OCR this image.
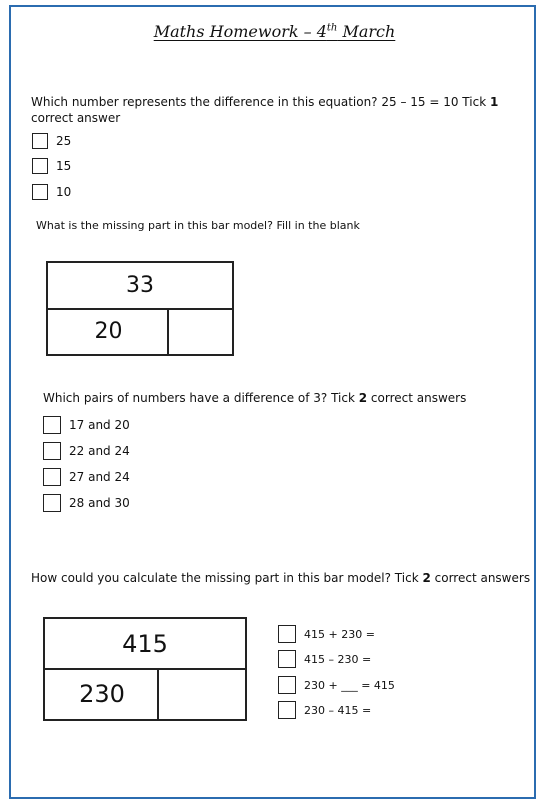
Maths Homework – 4th March
Which number represents the difference in this equation? 25 – 15 = 10 Tick 1 correct answer
25
15
10
What is the missing part in this bar model? Fill in the blank
33
20
Which pairs of numbers have a difference of 3? Tick 2 correct answers
17 and 20
22 and 24
27 and 24
28 and 30
How could you calculate the missing part in this bar model? Tick 2 correct answers
415
230
415 + 230 =
415 – 230 =
230 + ___ = 415
230 – 415 =
